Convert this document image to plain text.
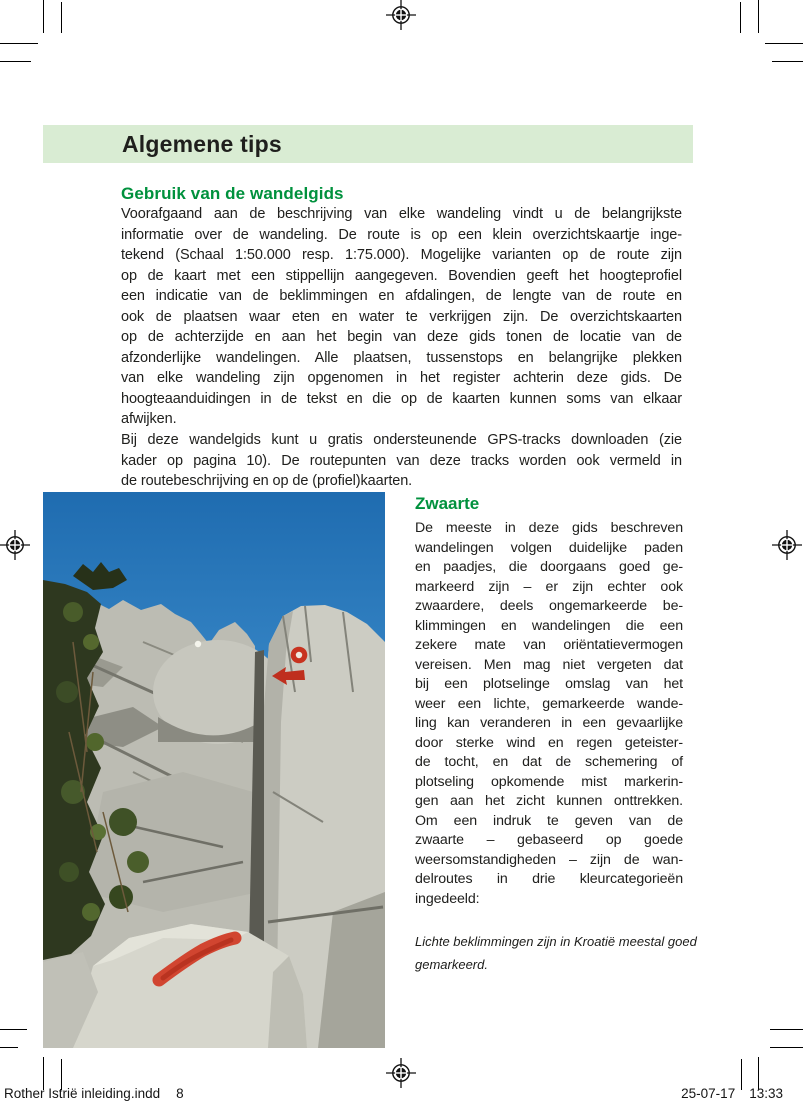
Algemene tips
Gebruik van de wandelgids
Voorafgaand aan de beschrijving van elke wandeling vindt u de belangrijkste
informatie over de wandeling. De route is op een klein overzichtskaartje inge-
tekend (Schaal 1:50.000 resp. 1:75.000). Mogelijke varianten op de route zijn
op de kaart met een stippellijn aangegeven. Bovendien geeft het hoogteprofiel
een indicatie van de beklimmingen en afdalingen, de lengte van de route en
ook de plaatsen waar eten en water te verkrijgen zijn. De overzichtskaarten
op de achterzijde en aan het begin van deze gids tonen de locatie van de
afzonderlijke wandelingen. Alle plaatsen, tussenstops en belangrijke plekken
van elke wandeling zijn opgenomen in het register achterin deze gids. De
hoogteaanduidingen in de tekst en die op de kaarten kunnen soms van elkaar
afwijken.
Bij deze wandelgids kunt u gratis ondersteunende GPS-tracks downloaden (zie
kader op pagina 10). De routepunten van deze tracks worden ook vermeld in
de routebeschrijving en op de (profiel)kaarten.
Zwaarte
De meeste in deze gids beschreven
wandelingen volgen duidelijke paden
en paadjes, die doorgaans goed ge-
markeerd zijn – er zijn echter ook
zwaardere, deels ongemarkeerde be-
klimmingen en wandelingen die een
zekere mate van oriëntatievermogen
vereisen. Men mag niet vergeten dat
bij een plotselinge omslag van het
weer een lichte, gemarkeerde wande-
ling kan veranderen in een gevaarlijke
door sterke wind en regen geteister-
de tocht, en dat de schemering of
plotseling opkomende mist markerin-
gen aan het zicht kunnen onttrekken.
Om een indruk te geven van de
zwaarte – gebaseerd op goede
weersomstandigheden – zijn de wan-
delroutes in drie kleurcategorieën
ingedeeld:
Lichte beklimmingen zijn in Kroatië meestal goed
gemarkeerd.
Rother Istrië inleiding.indd 8	25-07-17 13:33
